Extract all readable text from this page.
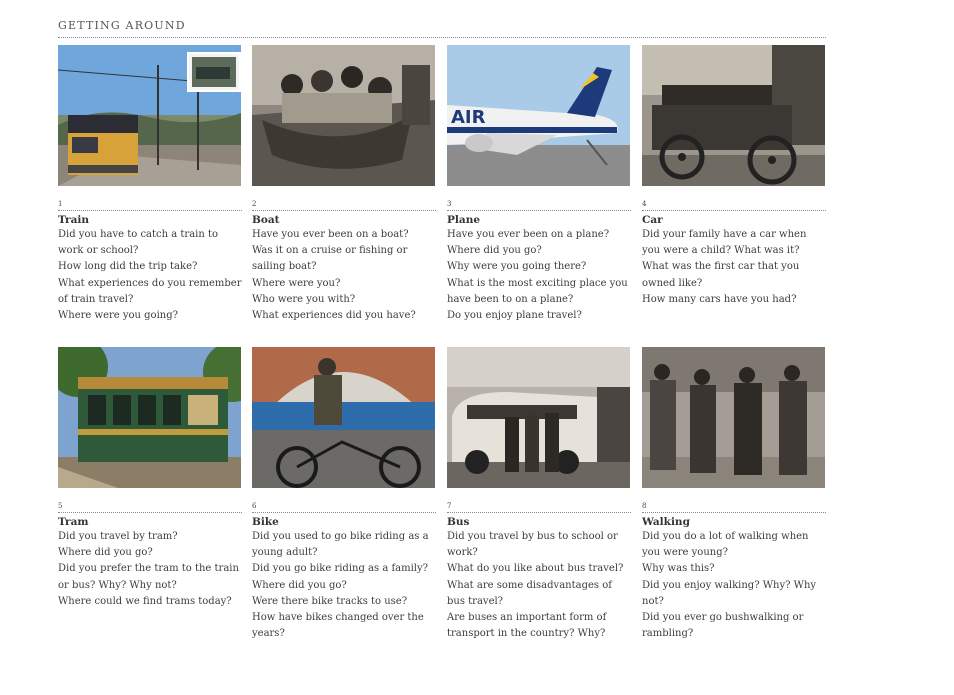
GETTING AROUND
1
Train
Did you have to catch a train to work or school?
How long did the trip take?
What experiences do you remember of train travel?
Where were you going?
2
Boat
Have you ever been on a boat?
Was it on a cruise or fishing or sailing boat?
Where were you?
Who were you with?
What experiences did you have?
AIR
3
Plane
Have you ever been on a plane?
Where did you go?
Why were you going there?
What is the most exciting place you have been to on a plane?
Do you enjoy plane travel?
4
Car
Did your family have a car when you were a child? What was it?
What was the first car that you owned like?
How many cars have you had?
5
Tram
Did you travel by tram?
Where did you go?
Did you prefer the tram to the train or bus? Why? Why not?
Where could we find trams today?
6
Bike
Did you used to go bike riding as a young adult?
Did you go bike riding as a family?
Where did you go?
Were there bike tracks to use?
How have bikes changed over the years?
7
Bus
Did you travel by bus to school or work?
What do you like about bus travel?
What are some disadvantages of bus travel?
Are buses an important form of transport in the country? Why?
8
Walking
Did you do a lot of walking when you were young?
Why was this?
Did you enjoy walking? Why? Why not?
Did you ever go bushwalking or rambling?
